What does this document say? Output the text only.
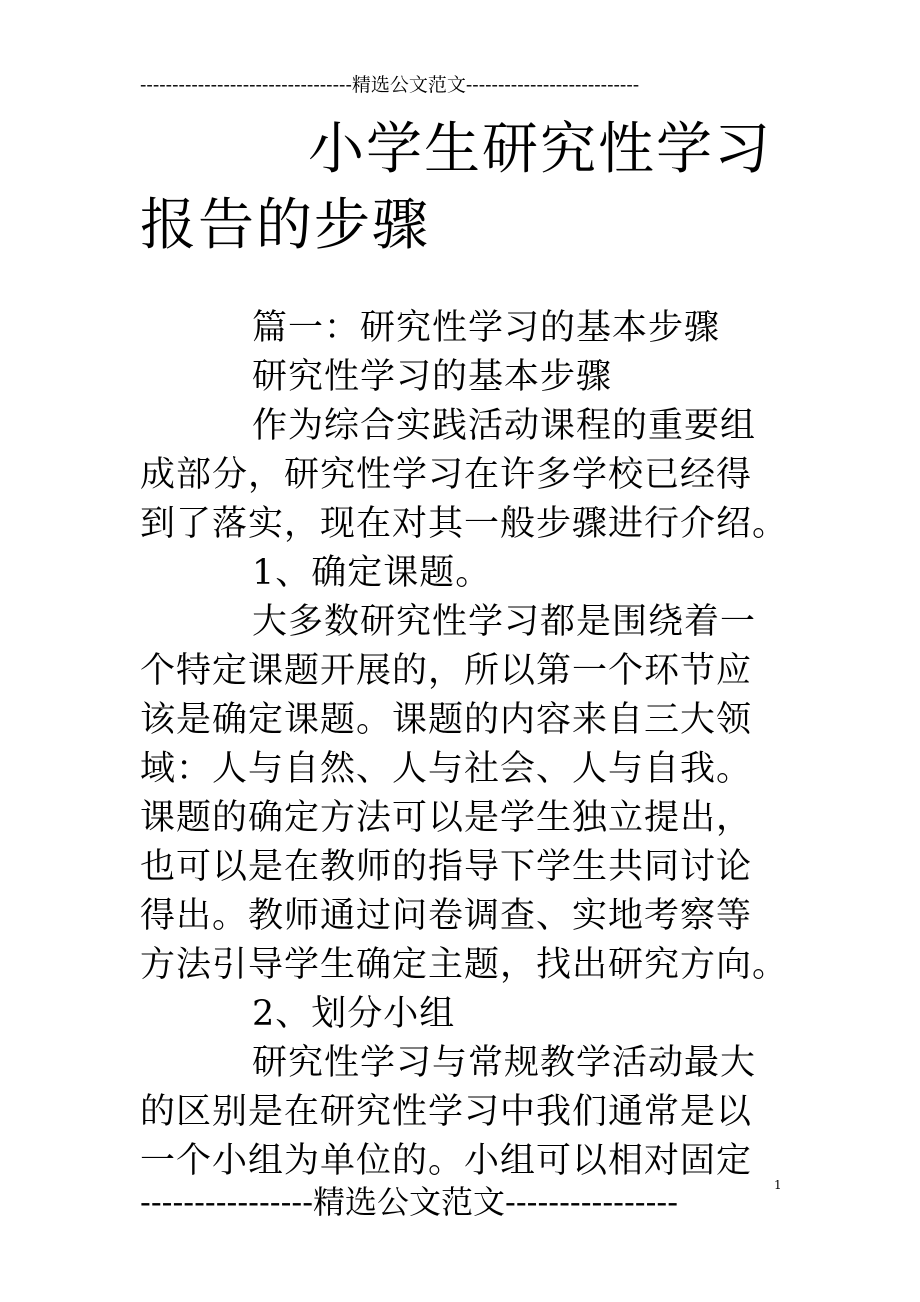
---------------------------------精选公文范文---------------------------
小学生研究性学习
报告的步骤
篇一：研究性学习的基本步骤
研究性学习的基本步骤
作为综合实践活动课程的重要组
成部分，研究性学习在许多学校已经得
到了落实，现在对其一般步骤进行介绍。
1、确定课题。
大多数研究性学习都是围绕着一
个特定课题开展的，所以第一个环节应
该是确定课题。课题的内容来自三大领
域：人与自然、人与社会、人与自我。
课题的确定方法可以是学生独立提出，
也可以是在教师的指导下学生共同讨论
得出。教师通过问卷调查、实地考察等
方法引导学生确定主题，找出研究方向。
2、划分小组
研究性学习与常规教学活动最大
的区别是在研究性学习中我们通常是以
一个小组为单位的。小组可以相对固定
----------------精选公文范文----------------	1
